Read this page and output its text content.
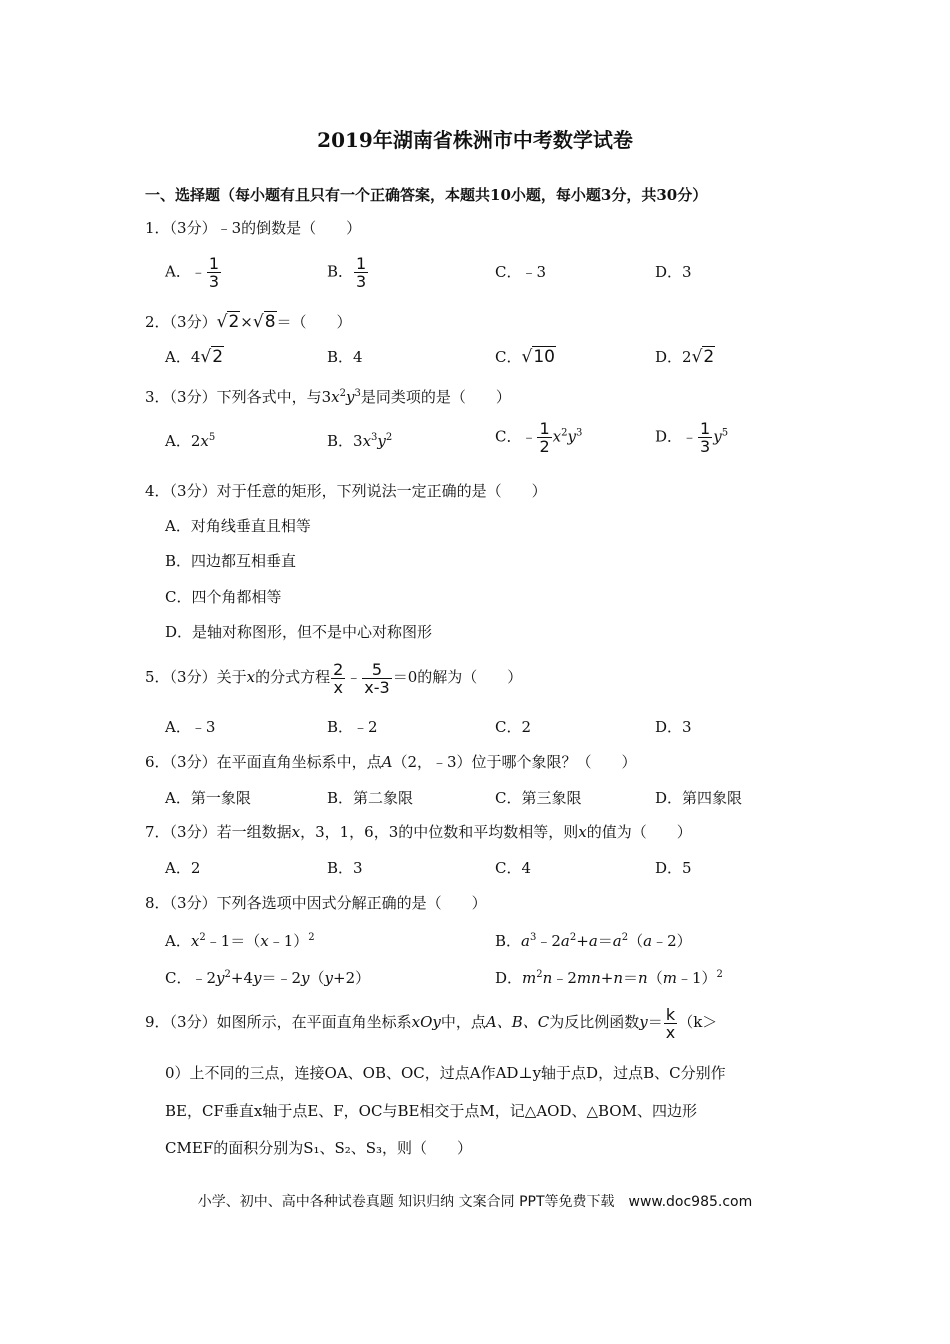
2019年湖南省株洲市中考数学试卷
一、选择题（每小题有且只有一个正确答案，本题共10小题，每小题3分，共30分）
1．（3分）﹣3的倒数是（　　）
A．﹣ $\frac{1}{3}$	B． $\frac{1}{3}$	C．﹣3	D．3
2．（3分）√2×√8＝（　　）
A．4√2	B．4	C．√10	D．2√2
3．（3分）下列各式中，与$3x^2y^3$是同类项的是（　　）
A．$2x^5$	B．$3x^3y^2$	C．﹣ $\frac{1}{2} x^2y^3$	D．﹣ $\frac{1}{3} y^5$
4．（3分）对于任意的矩形，下列说法一定正确的是（　　）
A．对角线垂直且相等
B．四边都互相垂直
C．四个角都相等
D．是轴对称图形，但不是中心对称图形
5．（3分）关于x的分式方程 $\frac{2}{x}$ ﹣ $\frac{5}{x-3} =0$的解为（　　）
A．﹣3	B．﹣2	C．2	D．3
6．（3分）在平面直角坐标系中，点A（2，﹣3）位于哪个象限？（　　）
A．第一象限	B．第二象限	C．第三象限	D．第四象限
7．（3分）若一组数据x，3，1，6，3的中位数和平均数相等，则x的值为（　　）
A．2	B．3	C．4	D．5
8．（3分）下列各选项中因式分解正确的是（　　）
A．$x^2﹣1=(x﹣1)^2$	B．$a^3﹣2a^2+a=a^2(a﹣2)$
C．$﹣2y^2+4y=﹣2y(y+2)$	D．$m^2n﹣2mn+n=n(m﹣1)^2$
9．（3分）如图所示，在平面直角坐标系xOy中，点A、B、C为反比例函数$y= \frac{k}{x} (k>$
0）上不同的三点，连接OA、OB、OC，过点A作AD⊥y轴于点D，过点B、C分别作
BE，CF垂直x轴于点E、F，OC与BE相交于点M，记△AOD、△BOM、四边形
CMEF的面积分别为S₁、S₂、S₃，则（　　）
小学、初中、高中各种试卷真题 知识归纳 文案合同 PPT等免费下载　www.doc985.com
